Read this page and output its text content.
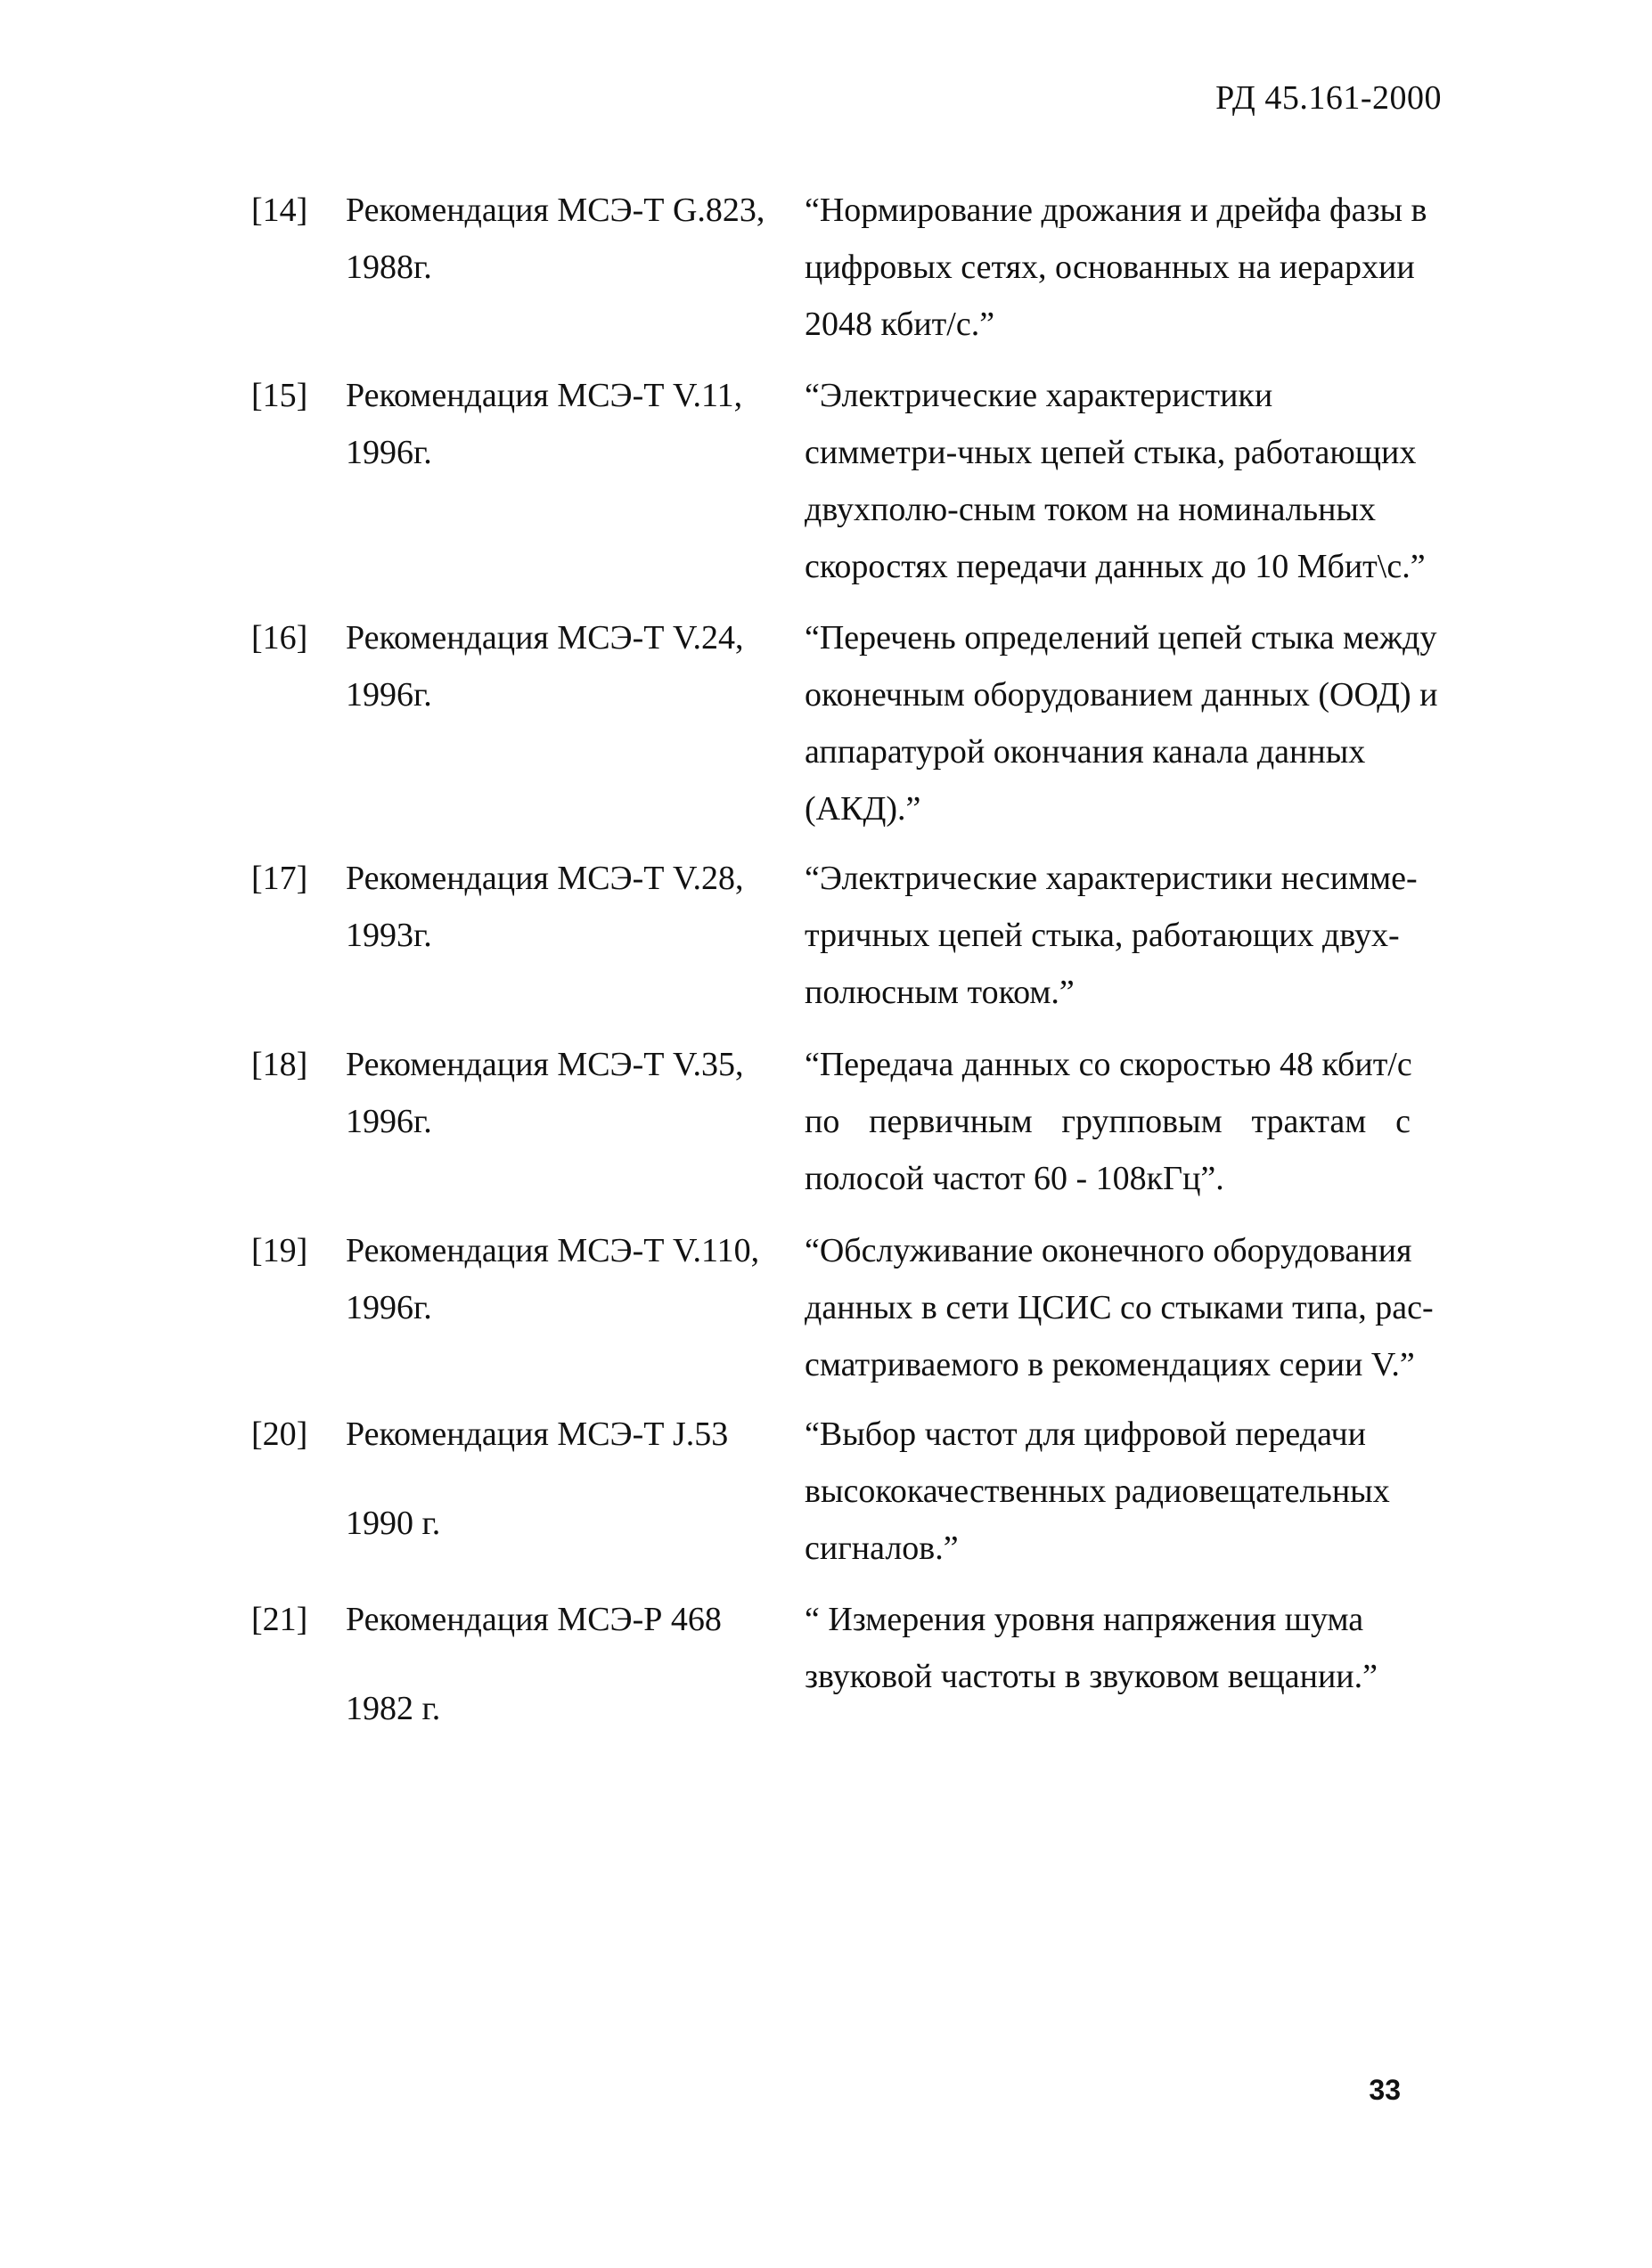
РД 45.161-2000
[14] Рекомендация МСЭ-Т G.823,
1988г.
“Нормирование дрожания и дрейфа фазы в
цифровых сетях, основанных на иерархии
2048 кбит/с.”
[15] Рекомендация МСЭ-Т V.11,
1996г.
“Электрические характеристики
симметри-чных цепей стыка, работающих
двухполю-сным током на номинальных
скоростях передачи данных до 10 Мбит\с.”
[16] Рекомендация МСЭ-Т V.24,
1996г.
“Перечень определений цепей стыка между
оконечным оборудованием данных (ООД) и
аппаратурой окончания канала данных
(АКД).”
[17] Рекомендация МСЭ-Т V.28,
1993г.
“Электрические характеристики несимме-
тричных цепей стыка, работающих двух-
полюсным током.”
[18] Рекомендация МСЭ-Т V.35,
1996г.
“Передача данных со скоростью 48 кбит/с
по первичным групповым трактам с
полосой частот 60 - 108кГц”.
[19] Рекомендация МСЭ-Т V.110,
1996г.
“Обслуживание оконечного оборудования
данных в сети ЦСИС со стыками типа, рас-
сматриваемого в рекомендациях серии V.”
[20] Рекомендация МСЭ-Т J.53
1990 г.
“Выбор частот для цифровой передачи
высококачественных радиовещательных
сигналов.”
[21] Рекомендация МСЭ-Р 468
1982 г.
“ Измерения уровня напряжения шума
звуковой частоты в звуковом вещании.”
33
